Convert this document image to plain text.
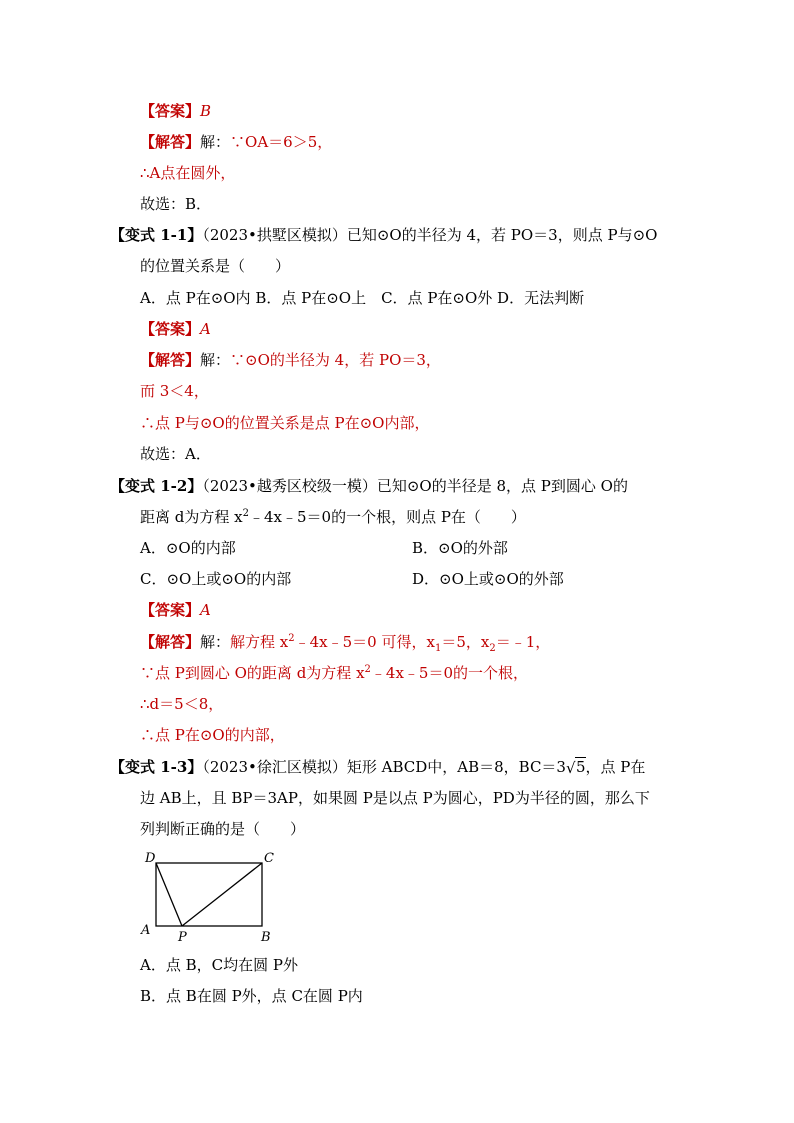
【答案】B
【解答】解：∵OA＝6＞5，
∴A点在圆外，
故选：B．
【变式 1-1】（2023•拱墅区模拟）已知⊙O的半径为 4，若 PO＝3，则点 P与⊙O
的位置关系是（　　）
A．点 P在⊙O内 B．点 P在⊙O上　C．点 P在⊙O外 D．无法判断
【答案】A
【解答】解：∵⊙O的半径为 4，若 PO＝3，
而 3＜4，
∴点 P与⊙O的位置关系是点 P在⊙O内部，
故选：A．
【变式 1-2】（2023•越秀区校级一模）已知⊙O的半径是 8，点 P到圆心 O的
距离 d为方程 $x^2﹣4x﹣5=0$的一个根，则点 P在（　　）
A．⊙O的内部	B．⊙O的外部
C．⊙O上或⊙O的内部	D．⊙O上或⊙O的外部
【答案】A
【解答】解：解方程 $x^2﹣4x﹣5=0$ 可得，$x_1=5$，$x_2=﹣1$，
∵点 P到圆心 O的距离 d为方程 $x^2﹣4x﹣5=0$的一个根，
∴d＝5＜8，
∴点 P在⊙O的内部，
【变式 1-3】（2023•徐汇区模拟）矩形 ABCD中，AB＝8，BC＝3 √ 5，点 P在
边 AB上，且 BP＝3AP，如果圆 P是以点 P为圆心，PD为半径的圆，那么下
列判断正确的是（　　）
D	C
A P	B
A．点 B，C均在圆 P外
B．点 B在圆 P外，点 C在圆 P内
